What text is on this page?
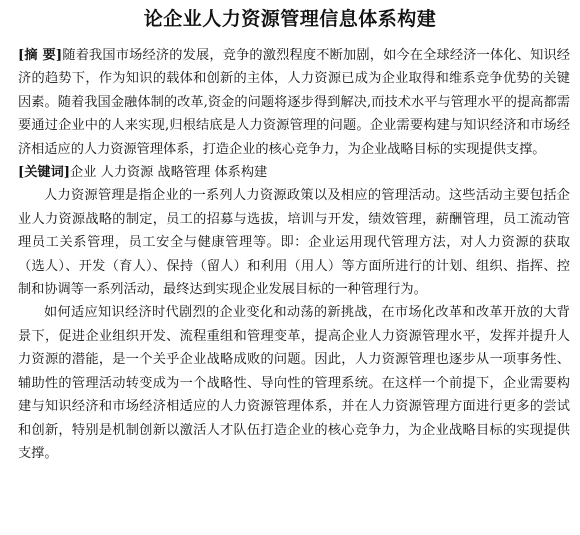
论企业人力资源管理信息体系构建

[摘 要]随着我国市场经济的发展，竞争的激烈程度不断加剧，如今在全球经济一体化、知识经济的趋势下，作为知识的载体和创新的主体，人力资源已成为企业取得和维系竞争优势的关键因素。随着我国金融体制的改革,资金的问题将逐步得到解决,而技术水平与管理水平的提高都需要通过企业中的人来实现,归根结底是人力资源管理的问题。企业需要构建与知识经济和市场经济相适应的人力资源管理体系，打造企业的核心竞争力，为企业战略目标的实现提供支撑。

[关键词]企业 人力资源 战略管理 体系构建

人力资源管理是指企业的一系列人力资源政策以及相应的管理活动。这些活动主要包括企业人力资源战略的制定，员工的招募与选拔，培训与开发，绩效管理，薪酬管理，员工流动管理员工关系管理，员工安全与健康管理等。即：企业运用现代管理方法，对人力资源的获取（选人）、开发（育人）、保持（留人）和利用（用人）等方面所进行的计划、组织、指挥、控制和协调等一系列活动，最终达到实现企业发展目标的一种管理行为。

如何适应知识经济时代剧烈的企业变化和动荡的新挑战，在市场化改革和改革开放的大背景下，促进企业组织开发、流程重组和管理变革，提高企业人力资源管理水平，发挥并提升人力资源的潜能，是一个关乎企业战略成败的问题。因此，人力资源管理也逐步从一项事务性、辅助性的管理活动转变成为一个战略性、导向性的管理系统。在这样一个前提下，企业需要构建与知识经济和市场经济相适应的人力资源管理体系，并在人力资源管理方面进行更多的尝试和创新，特别是机制创新以激活人才队伍打造企业的核心竞争力，为企业战略目标的实现提供支撑。
